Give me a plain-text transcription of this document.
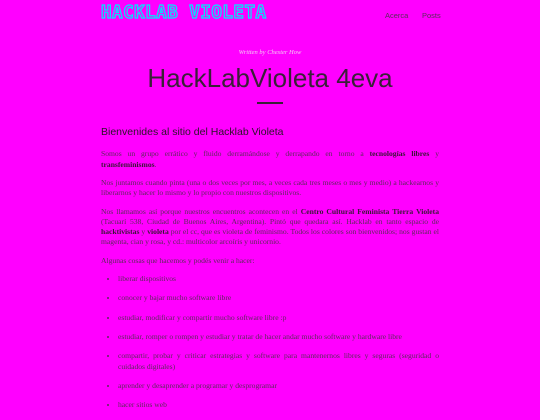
HACKLAB VIOLETA	Acerca Posts
Written by Chester How
HackLabVioleta 4eva
Bienvenides al sitio del Hacklab Violeta

Somos un grupo errático y fluido derramándose y derrapando en torno a tecnologías libres y transfeminismos.

Nos juntamos cuando pinta (una o dos veces por mes, a veces cada tres meses o mes y medio) a hackearnos y liberarnos y hacer lo mismo y lo propio con nuestros dispositivos.

Nos llamamos así porque nuestros encuentros acontecen en el Centro Cultural Feminista Tierra Violeta (Tacuarí 538, Ciudad de Buenos Aires, Argentina). Pintó que quedara así. Hacklab en tanto espacio de hacktivistas y violeta por el cc, que es violeta de feminismo. Todos los colores son bienvenidos; nos gustan el magenta, cian y rosa, y cd.: multicolor arcoíris y unicornio.

Algunas cosas que hacemos y podés venir a hacer:

• liberar dispositivos
• conocer y bajar mucho software libre
• estudiar, modificar y compartir mucho software libre :p
• estudiar, romper o rompen y estudiar y tratar de hacer andar mucho software y hardware libre
• compartir, probar y criticar estrategias y software para mantenernos libres y seguras (seguridad o cuidados digitales)
• aprender y desaprender a programar y desprogramar
• hacer sitios web
